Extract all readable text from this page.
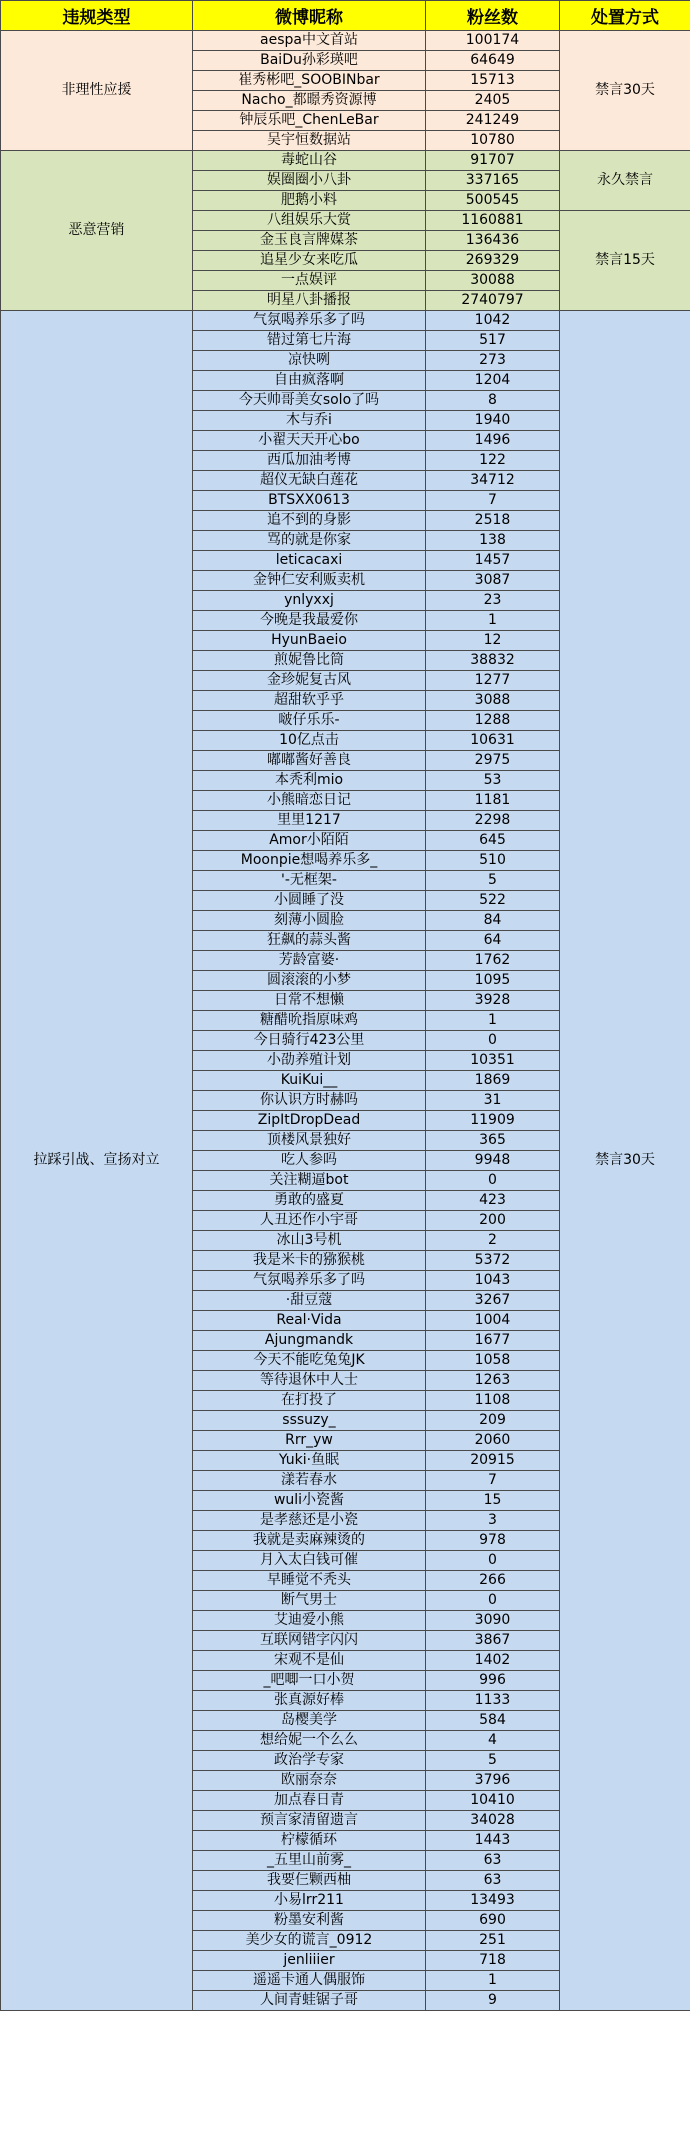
违规类型	微博昵称	粉丝数	处置方式
非理性应援	aespa中文首站	100174	禁言30天
	BaiDu孙彩瑛吧	64649	
	崔秀彬吧_SOOBINbar	15713	
	Nacho_都暻秀资源博	2405	
	钟辰乐吧_ChenLeBar	241249	
	吴宇恒数据站	10780	
恶意营销	毒蛇山谷	91707	永久禁言
	娱圈圈小八卦	337165	
	肥鹅小料	500545	
	八组娱乐大赏	1160881	禁言15天
	金玉良言牌媒茶	136436	
	追星少女来吃瓜	269329	
	一点娱评	30088	
	明星八卦播报	2740797	
拉踩引战、宣扬对立	气氛喝养乐多了吗	1042	禁言30天
	错过第七片海	517	
	凉快咧	273	
	自由疯落啊	1204	
	今天帅哥美女solo了吗	8	
	木与乔i	1940	
	小翟天天开心bo	1496	
	西瓜加油考博	122	
	超仪无缺白莲花	34712	
	BTSXX0613	7	
	追不到的身影	2518	
	骂的就是你家	138	
	leticacaxi	1457	
	金钟仁安利贩卖机	3087	
	ynlyxxj	23	
	今晚是我最爱你	1	
	HyunBaeio	12	
	煎妮鲁比筒	38832	
	金珍妮复古风	1277	
	超甜软乎乎	3088	
	啵仔乐乐-	1288	
	10亿点击	10631	
	嘟嘟酱好善良	2975	
	本秃利mio	53	
	小熊暗恋日记	1181	
	里里1217	2298	
	Amor小陌陌	645	
	Moonpie想喝养乐多_	510	
	'-无框架-	5	
	小圆睡了没	522	
	刻薄小圆脸	84	
	狂飙的蒜头酱	64	
	芳龄富婆·	1762	
	圆滚滚的小梦	1095	
	日常不想懒	3928	
	糖醋吮指原味鸡	1	
	今日骑行423公里	0	
	小劭养殖计划	10351	
	KuiKui__	1869	
	你认识方时赫吗	31	
	ZipItDropDead	11909	
	顶楼风景独好	365	
	吃人参吗	9948	
	关注糊逼bot	0	
	勇敢的盛夏	423	
	人丑还作小宇哥	200	
	冰山3号机	2	
	我是米卡的猕猴桃	5372	
	气氛喝养乐多了吗	1043	
	·甜豆蔻	3267	
	Real·Vida	1004	
	Ajungmandk	1677	
	今天不能吃兔兔JK	1058	
	等待退休中人士	1263	
	在打投了	1108	
	sssuzy_	209	
	Rrr_yw	2060	
	Yuki·鱼眠	20915	
	漾若春水	7	
	wuli小瓷酱	15	
	是孝慈还是小瓷	3	
	我就是卖麻辣烫的	978	
	月入太白钱可催	0	
	早睡觉不秃头	266	
	断气男士	0	
	艾迪爱小熊	3090	
	互联网错字闪闪	3867	
	宋观不是仙	1402	
	_吧唧一口小贺	996	
	张真源好棒	1133	
	岛樱美学	584	
	想给妮一个么么	4	
	政治学专家	5	
	欧丽奈奈	3796	
	加点春日青	10410	
	预言家清留遗言	34028	
	柠檬循环	1443	
	_五里山前雾_	63	
	我要仨颗西柚	63	
	小易lrr211	13493	
	粉墨安利酱	690	
	美少女的谎言_0912	251	
	jenliiier	718	
	遥遥卡通人偶服饰	1	
	人间青蛙锯子哥	9	
